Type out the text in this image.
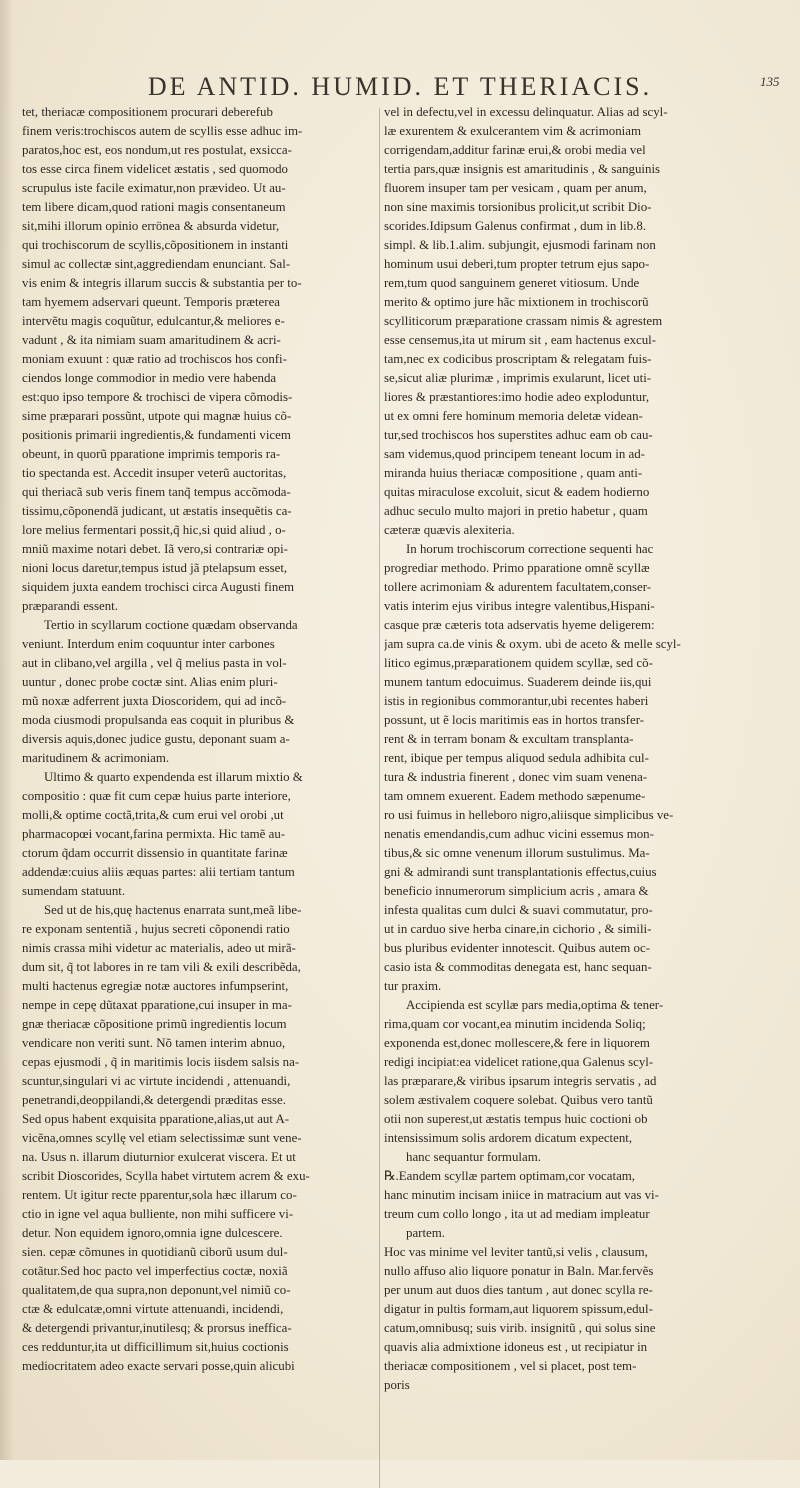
DE ANTID. HUMID. ET THERIACIS.	135
tet, theriacæ compositionem procurari deberefub
finem veris:trochiscos autem de scyllis esse adhuc im-
paratos,hoc est, eos nondum,ut res postulat, exsicca-
tos esse circa finem videlicet æstatis , sed quomodo
scrupulus iste facile eximatur,non prævideo. Ut au-
tem libere dicam,quod rationi magis consentaneum
sit,mihi illorum opinio errönea & absurda videtur,
qui trochiscorum de scyllis,cõpositionem in instanti
simul ac collectæ sint,aggrediendam enunciant. Sal-
vis enim & integris illarum succis & substantia per to-
tam hyemem adservari queunt. Temporis præterea
intervẽtu magis coquũtur, edulcantur,& meliores e-
vadunt , & ita nimiam suam amaritudinem & acri-
moniam exuunt : quæ ratio ad trochiscos hos confi-
ciendos longe commodior in medio vere habenda
est:quo ipso tempore & trochisci de vipera cõmodis-
sime præparari possũnt, utpote qui magnæ huius cõ-
positionis primarii ingredientis,& fundamenti vicem
obeunt, in quorũ pparatione imprimis temporis ra-
tio spectanda est. Accedit insuper veterũ auctoritas,
qui theriacã sub veris finem tanq̃ tempus accõmoda-
tissimu,cõponendã judicant, ut æstatis insequẽtis ca-
lore melius fermentari possit,q̃ hic,si quid aliud , o-
mniũ maxime notari debet. Iã vero,si contrariæ opi-
nioni locus daretur,tempus istud jã ptelapsum esset,
siquidem juxta eandem trochisci circa Augusti finem
præparandi essent.
Tertio in scyllarum coctione quædam observanda
veniunt. Interdum enim coquuntur inter carbones
aut in clibano,vel argilla , vel q̃ melius pasta in vol-
uuntur , donec probe coctæ sint. Alias enim pluri-
mũ noxæ adferrent juxta Dioscoridem, qui ad incõ-
moda ciusmodi propulsanda eas coquit in pluribus &
diversis aquis,donec judice gustu, deponant suam a-
maritudinem & acrimoniam.
Ultimo & quarto expendenda est illarum mixtio &
compositio : quæ fit cum cepæ huius parte interiore,
molli,& optime coctã,trita,& cum erui vel orobi ,ut
pharmacopœi vocant,farina permixta. Hic tamẽ au-
ctorum q̃dam occurrit dissensio in quantitate farinæ
addendæ:cuius aliis æquas partes: alii tertiam tantum
sumendam statuunt.
Sed ut de his,quę hactenus enarrata sunt,meã libe-
re exponam sententiã , hujus secreti cõponendi ratio
nimis crassa mihi videtur ac materialis, adeo ut mirã-
dum sit, q̃ tot labores in re tam vili & exili describẽda,
multi hactenus egregiæ notæ auctores infumpserint,
nempe in cepę dũtaxat pparatione,cui insuper in ma-
gnæ theriacæ cõpositione primũ ingredientis locum
vendicare non veriti sunt. Nõ tamen interim abnuo,
cepas ejusmodi , q̃ in maritimis locis iisdem salsis na-
scuntur,singulari vi ac virtute incidendi , attenuandi,
penetrandi,deoppilandi,& detergendi præditas esse.
Sed opus habent exquisita pparatione,alias,ut aut A-
vicẽna,omnes scyllę vel etiam selectissimæ sunt vene-
na. Usus n. illarum diuturnior exulcerat viscera. Et ut
scribit Dioscorides, Scylla habet virtutem acrem & exu-
rentem. Ut igitur recte pparentur,sola hæc illarum co-
ctio in igne vel aqua bulliente, non mihi sufficere vi-
detur. Non equidem ignoro,omnia igne dulcescere.
sien. cepæ cõmunes in quotidianũ ciborũ usum dul-
cotãtur.Sed hoc pacto vel imperfectius coctæ, noxiã
qualitatem,de qua supra,non deponunt,vel nimiũ co-
ctæ & edulcatæ,omni virtute attenuandi, incidendi,
& detergendi privantur,inutilesq; & prorsus inefficа-
ces redduntur,ita ut difficillimum sit,huius coctionis
mediocritatem adeo exacte servari posse,quin alicubi
vel in defectu,vel in excessu delinquatur. Alias ad scyl-
læ exurentem & exulcerantem vim & acrimoniam
corrigendam,additur farinæ erui,& orobi media vel
tertia pars,quæ insignis est amaritudinis , & sanguinis
fluorem insuper tam per vesicam , quam per anum,
non sine maximis torsionibus prolicit,ut scribit Dio-
scorides.Idipsum Galenus confirmat , dum in lib.8.
simpl. & lib.1.alim. subjungit, ejusmodi farinam non
hominum usui deberi,tum propter tetrum ejus sapo-
rem,tum quod sanguinem generet vitiosum. Unde
merito & optimo jure hãc mixtionem in trochiscorũ
scylliticorum præparatione crassam nimis & agrestem
esse censemus,ita ut mirum sit , eam hactenus excul-
tam,nec ex codicibus proscriptam & relegatam fuis-
se,sicut aliæ plurimæ , imprimis exularunt, licet uti-
liores & præstantiores:imo hodie adeo exploduntur,
ut ex omni fere hominum memoria deletæ videan-
tur,sed trochiscos hos superstites adhuc eam ob cau-
sam videmus,quod principem teneant locum in ad-
miranda huius theriacæ compositione , quam anti-
quitas miraculose excoluit, sicut & eadem hodierno
adhuc seculo multo majori in pretio habetur , quam
cæteræ quævis alexiteria.
In horum trochiscorum correctione sequenti hac
progrediar methodo. Primo pparatione omnẽ scyllæ
tollere acrimoniam & adurentem facultatem,conser-
vatis interim ejus viribus integre valentibus,Hispani-
casque præ cæteris tota adservatis hyeme deligerem:
jam supra ca.de vinis & oxym. ubi de aceto & melle scyl-
litico egimus,præparationem quidem scyllæ, sed cõ-
munem tantum edocuimus. Suaderem deinde iis,qui
istis in regionibus commorantur,ubi recentes haberi
possunt, ut ẽ locis maritimis eas in hortos transfer-
rent & in terram bonam & excultam transplanta-
rent, ibique per tempus aliquod sedula adhibita cul-
tura & industria finerent , donec vim suam venena-
tam omnem exuerent. Eadem methodo sæpenume-
ro usi fuimus in helleboro nigro,aliisque simplicibus ve-
nenatis emendandis,cum adhuc vicini essemus mon-
tibus,& sic omne venenum illorum sustulimus. Ma-
gni & admirandi sunt transplantationis effectus,cuius
beneficio innumerorum simplicium acris , amara &
infesta qualitas cum dulci & suavi commutatur, pro-
ut in carduo sive herba cinare,in cichorio , & simili-
bus pluribus evidenter innotescit. Quibus autem oc-
casio ista & commoditas denegata est, hanc sequan-
tur praxim.
Accipienda est scyllæ pars media,optima & tener-
rima,quam cor vocant,ea minutim incidenda Soliq;
exponenda est,donec mollescere,& fere in liquorem
redigi incipiat:ea videlicet ratione,qua Galenus scyl-
las præparare,& viribus ipsarum integris servatis , ad
solem æstivalem coquere solebat. Quibus vero tantũ
otii non superest,ut æstatis tempus huic coctioni ob
intensissimum solis ardorem dicatum expectent,
hanc sequantur formulam.
℞.Eandem scyllæ partem optimam,cor vocatam,
hanc minutim incisam iniice in matracium aut vas vi-
treum cum collo longo , ita ut ad mediam impleatur
partem.
Hoc vas minime vel leviter tantũ,si velis , clausum,
nullo affuso alio liquore ponatur in Baln. Mar.fervẽs
per unum aut duos dies tantum , aut donec scylla re-
digatur in pultis formam,aut liquorem spissum,edul-
catum,omnibusq; suis virib. insignitũ , qui solus sine
quavis alia admixtione idoneus est , ut recipiatur in
theriacæ compositionem , vel si placet, post tem-
poris
